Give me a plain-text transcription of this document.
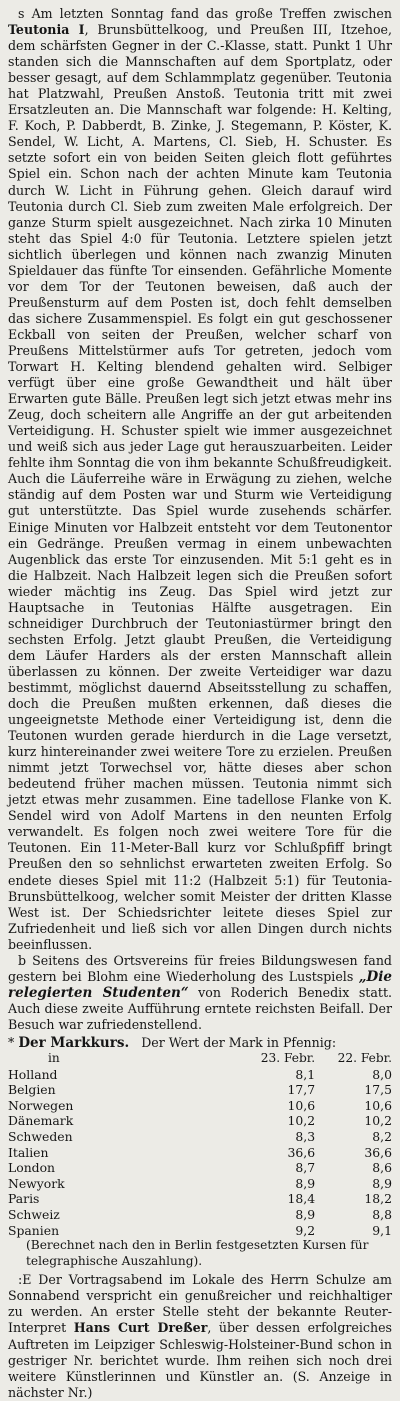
s Am letzten Sonntag fand das große Treffen zwischen Teutonia I, Brunsbüttelkoog, und Preußen III, Itzehoe, dem schärfsten Gegner in der C.-Klasse, statt. Punkt 1 Uhr standen sich die Mannschaften auf dem Sportplatz, oder besser gesagt, auf dem Schlammplatz gegenüber. Teutonia hat Platzwahl, Preußen Anstoß. Teutonia tritt mit zwei Ersatzleuten an. Die Mannschaft war folgende: H. Kelting, F. Koch, P. Dabberdt, B. Zinke, J. Stegemann, P. Köster, K. Sendel, W. Licht, A. Martens, Cl. Sieb, H. Schuster. Es setzte sofort ein von beiden Seiten gleich flott geführtes Spiel ein. Schon nach der achten Minute kam Teutonia durch W. Licht in Führung gehen. Gleich darauf wird Teutonia durch Cl. Sieb zum zweiten Male erfolgreich. Der ganze Sturm spielt ausgezeichnet. Nach zirka 10 Minuten steht das Spiel 4:0 für Teutonia. Letztere spielen jetzt sichtlich überlegen und können nach zwanzig Minuten Spieldauer das fünfte Tor einsenden. Gefährliche Momente vor dem Tor der Teutonen beweisen, daß auch der Preußensturm auf dem Posten ist, doch fehlt demselben das sichere Zusammenspiel. Es folgt ein gut geschossener Eckball von seiten der Preußen, welcher scharf von Preußens Mittelstürmer aufs Tor getreten, jedoch vom Torwart H. Kelting blendend gehalten wird. Selbiger verfügt über eine große Gewandtheit und hält über Erwarten gute Bälle. Preußen legt sich jetzt etwas mehr ins Zeug, doch scheitern alle Angriffe an der gut arbeitenden Verteidigung. H. Schuster spielt wie immer ausgezeichnet und weiß sich aus jeder Lage gut herauszuarbeiten. Leider fehlte ihm Sonntag die von ihm bekannte Schußfreudigkeit. Auch die Läuferreihe wäre in Erwägung zu ziehen, welche ständig auf dem Posten war und Sturm wie Verteidigung gut unterstützte. Das Spiel wurde zusehends schärfer. Einige Minuten vor Halbzeit entsteht vor dem Teutonentor ein Gedränge. Preußen vermag in einem unbewachten Augenblick das erste Tor einzusenden. Mit 5:1 geht es in die Halbzeit. Nach Halbzeit legen sich die Preußen sofort wieder mächtig ins Zeug. Das Spiel wird jetzt zur Hauptsache in Teutonias Hälfte ausgetragen. Ein schneidiger Durchbruch der Teutoniastürmer bringt den sechsten Erfolg. Jetzt glaubt Preußen, die Verteidigung dem Läufer Harders als der ersten Mannschaft allein überlassen zu können. Der zweite Verteidiger war dazu bestimmt, möglichst dauernd Abseitsstellung zu schaffen, doch die Preußen mußten erkennen, daß dieses die ungeeignetste Methode einer Verteidigung ist, denn die Teutonen wurden gerade hierdurch in die Lage versetzt, kurz hintereinander zwei weitere Tore zu erzielen. Preußen nimmt jetzt Torwechsel vor, hätte dieses aber schon bedeutend früher machen müssen. Teutonia nimmt sich jetzt etwas mehr zusammen. Eine tadellose Flanke von K. Sendel wird von Adolf Martens in den neunten Erfolg verwandelt. Es folgen noch zwei weitere Tore für die Teutonen. Ein 11-Meter-Ball kurz vor Schlußpfiff bringt Preußen den so sehnlichst erwarteten zweiten Erfolg. So endete dieses Spiel mit 11:2 (Halbzeit 5:1) für Teutonia-Brunsbüttelkoog, welcher somit Meister der dritten Klasse West ist. Der Schiedsrichter leitete dieses Spiel zur Zufriedenheit und ließ sich vor allen Dingen durch nichts beeinflussen.

b Seitens des Ortsvereins für freies Bildungswesen fand gestern bei Blohm eine Wiederholung des Lustspiels „Die relegierten Studenten“ von Roderich Benedix statt. Auch diese zweite Aufführung erntete reichsten Beifall. Der Besuch war zufriedenstellend.

* Der Markkurs. Der Wert der Mark in Pfennig:
in	23. Febr.	22. Febr.
Holland	8,1	8,0
Belgien	17,7	17,5
Norwegen	10,6	10,6
Dänemark	10,2	10,2
Schweden	8,3	8,2
Italien	36,6	36,6
London	8,7	8,6
Newyork	8,9	8,9
Paris	18,4	18,2
Schweiz	8,9	8,8
Spanien	9,2	9,1
(Berechnet nach den in Berlin festgesetzten Kursen für telegraphische Auszahlung).

:E Der Vortragsabend im Lokale des Herrn Schulze am Sonnabend verspricht ein genußreicher und reichhaltiger zu werden. An erster Stelle steht der bekannte Reuter-Interpret Hans Curt Dreßer, über dessen erfolgreiches Auftreten im Leipziger Schleswig-Holsteiner-Bund schon in gestriger Nr. berichtet wurde. Ihm reihen sich noch drei weitere Künstlerinnen und Künstler an. (S. Anzeige in nächster Nr.)
